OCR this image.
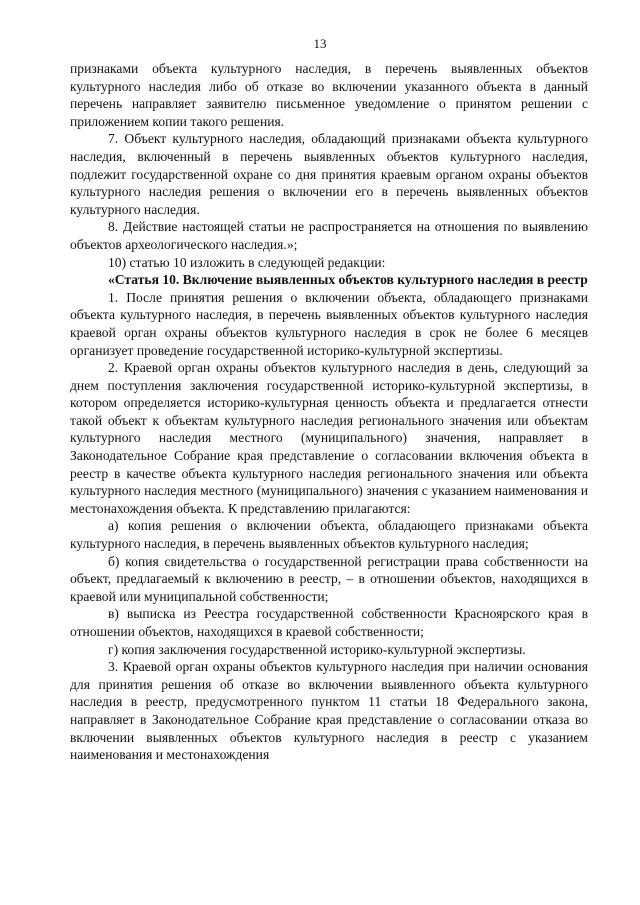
13

признаками объекта культурного наследия, в перечень выявленных объектов культурного наследия либо об отказе во включении указанного объекта в данный перечень направляет заявителю письменное уведомление о принятом решении с приложением копии такого решения.

7. Объект культурного наследия, обладающий признаками объекта культурного наследия, включенный в перечень выявленных объектов культурного наследия, подлежит государственной охране со дня принятия краевым органом охраны объектов культурного наследия решения о включении его в перечень выявленных объектов культурного наследия.

8. Действие настоящей статьи не распространяется на отношения по выявлению объектов археологического наследия.»;

10) статью 10 изложить в следующей редакции:

«Статья 10. Включение выявленных объектов культурного наследия в реестр

1. После принятия решения о включении объекта, обладающего признаками объекта культурного наследия, в перечень выявленных объектов культурного наследия краевой орган охраны объектов культурного наследия в срок не более 6 месяцев организует проведение государственной историко-культурной экспертизы.

2. Краевой орган охраны объектов культурного наследия в день, следующий за днем поступления заключения государственной историко-культурной экспертизы, в котором определяется историко-культурная ценность объекта и предлагается отнести такой объект к объектам культурного наследия регионального значения или объектам культурного наследия местного (муниципального) значения, направляет в Законодательное Собрание края представление о согласовании включения объекта в реестр в качестве объекта культурного наследия регионального значения или объекта культурного наследия местного (муниципального) значения с указанием наименования и местонахождения объекта. К представлению прилагаются:

а) копия решения о включении объекта, обладающего признаками объекта культурного наследия, в перечень выявленных объектов культурного наследия;

б) копия свидетельства о государственной регистрации права собственности на объект, предлагаемый к включению в реестр, – в отношении объектов, находящихся в краевой или муниципальной собственности;

в) выписка из Реестра государственной собственности Красноярского края в отношении объектов, находящихся в краевой собственности;

г) копия заключения государственной историко-культурной экспертизы.

3. Краевой орган охраны объектов культурного наследия при наличии основания для принятия решения об отказе во включении выявленного объекта культурного наследия в реестр, предусмотренного пунктом 11 статьи 18 Федерального закона, направляет в Законодательное Собрание края представление о согласовании отказа во включении выявленных объектов культурного наследия в реестр с указанием наименования и местонахождения
